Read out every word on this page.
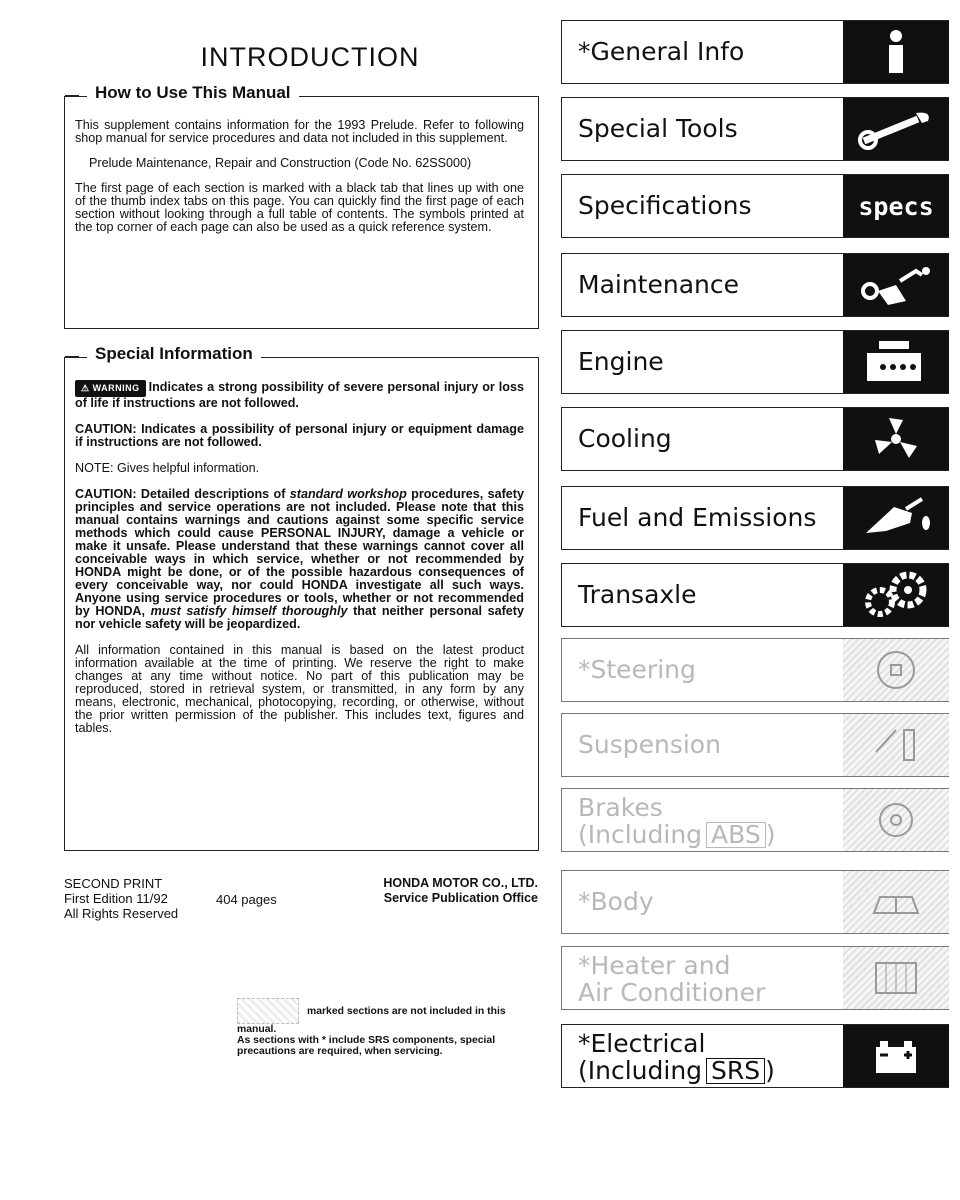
INTRODUCTION
How to Use This Manual

This supplement contains information for the 1993 Prelude. Refer to following shop manual for service procedures and data not included in this supplement.

Prelude Maintenance, Repair and Construction (Code No. 62SS000)

The first page of each section is marked with a black tab that lines up with one of the thumb index tabs on this page. You can quickly find the first page of each section without looking through a full table of contents. The symbols printed at the top corner of each page can also be used as a quick reference system.

Special Information

⚠ WARNING Indicates a strong possibility of severe personal injury or loss of life if instructions are not followed.

CAUTION: Indicates a possibility of personal injury or equipment damage if instructions are not followed.

NOTE: Gives helpful information.

CAUTION: Detailed descriptions of standard workshop procedures, safety principles and service operations are not included. Please note that this manual contains warnings and cautions against some specific service methods which could cause PERSONAL INJURY, damage a vehicle or make it unsafe. Please understand that these warnings cannot cover all conceivable ways in which service, whether or not recommended by HONDA might be done, or of the possible hazardous consequences of every conceivable way, nor could HONDA investigate all such ways. Anyone using service procedures or tools, whether or not recommended by HONDA, must satisfy himself thoroughly that neither personal safety nor vehicle safety will be jeopardized.

All information contained in this manual is based on the latest product information available at the time of printing. We reserve the right to make changes at any time without notice. No part of this publication may be reproduced, stored in retrieval system, or transmitted, in any form by any means, electronic, mechanical, photocopying, recording, or otherwise, without the prior written permission of the publisher. This includes text, figures and tables.

SECOND PRINT
First Edition 11/92
All Rights Reserved
404 pages
HONDA MOTOR CO., LTD.
Service Publication Office
marked sections are not included in this manual.
As sections with * include SRS components, special precautions are required, when servicing.
*General Info
Special Tools
Specifications	specs
Maintenance
Engine
Cooling
Fuel and Emissions
Transaxle
*Steering
Suspension
Brakes
(Including ABS )
*Body
*Heater and
Air Conditioner
*Electrical
(Including SRS )
